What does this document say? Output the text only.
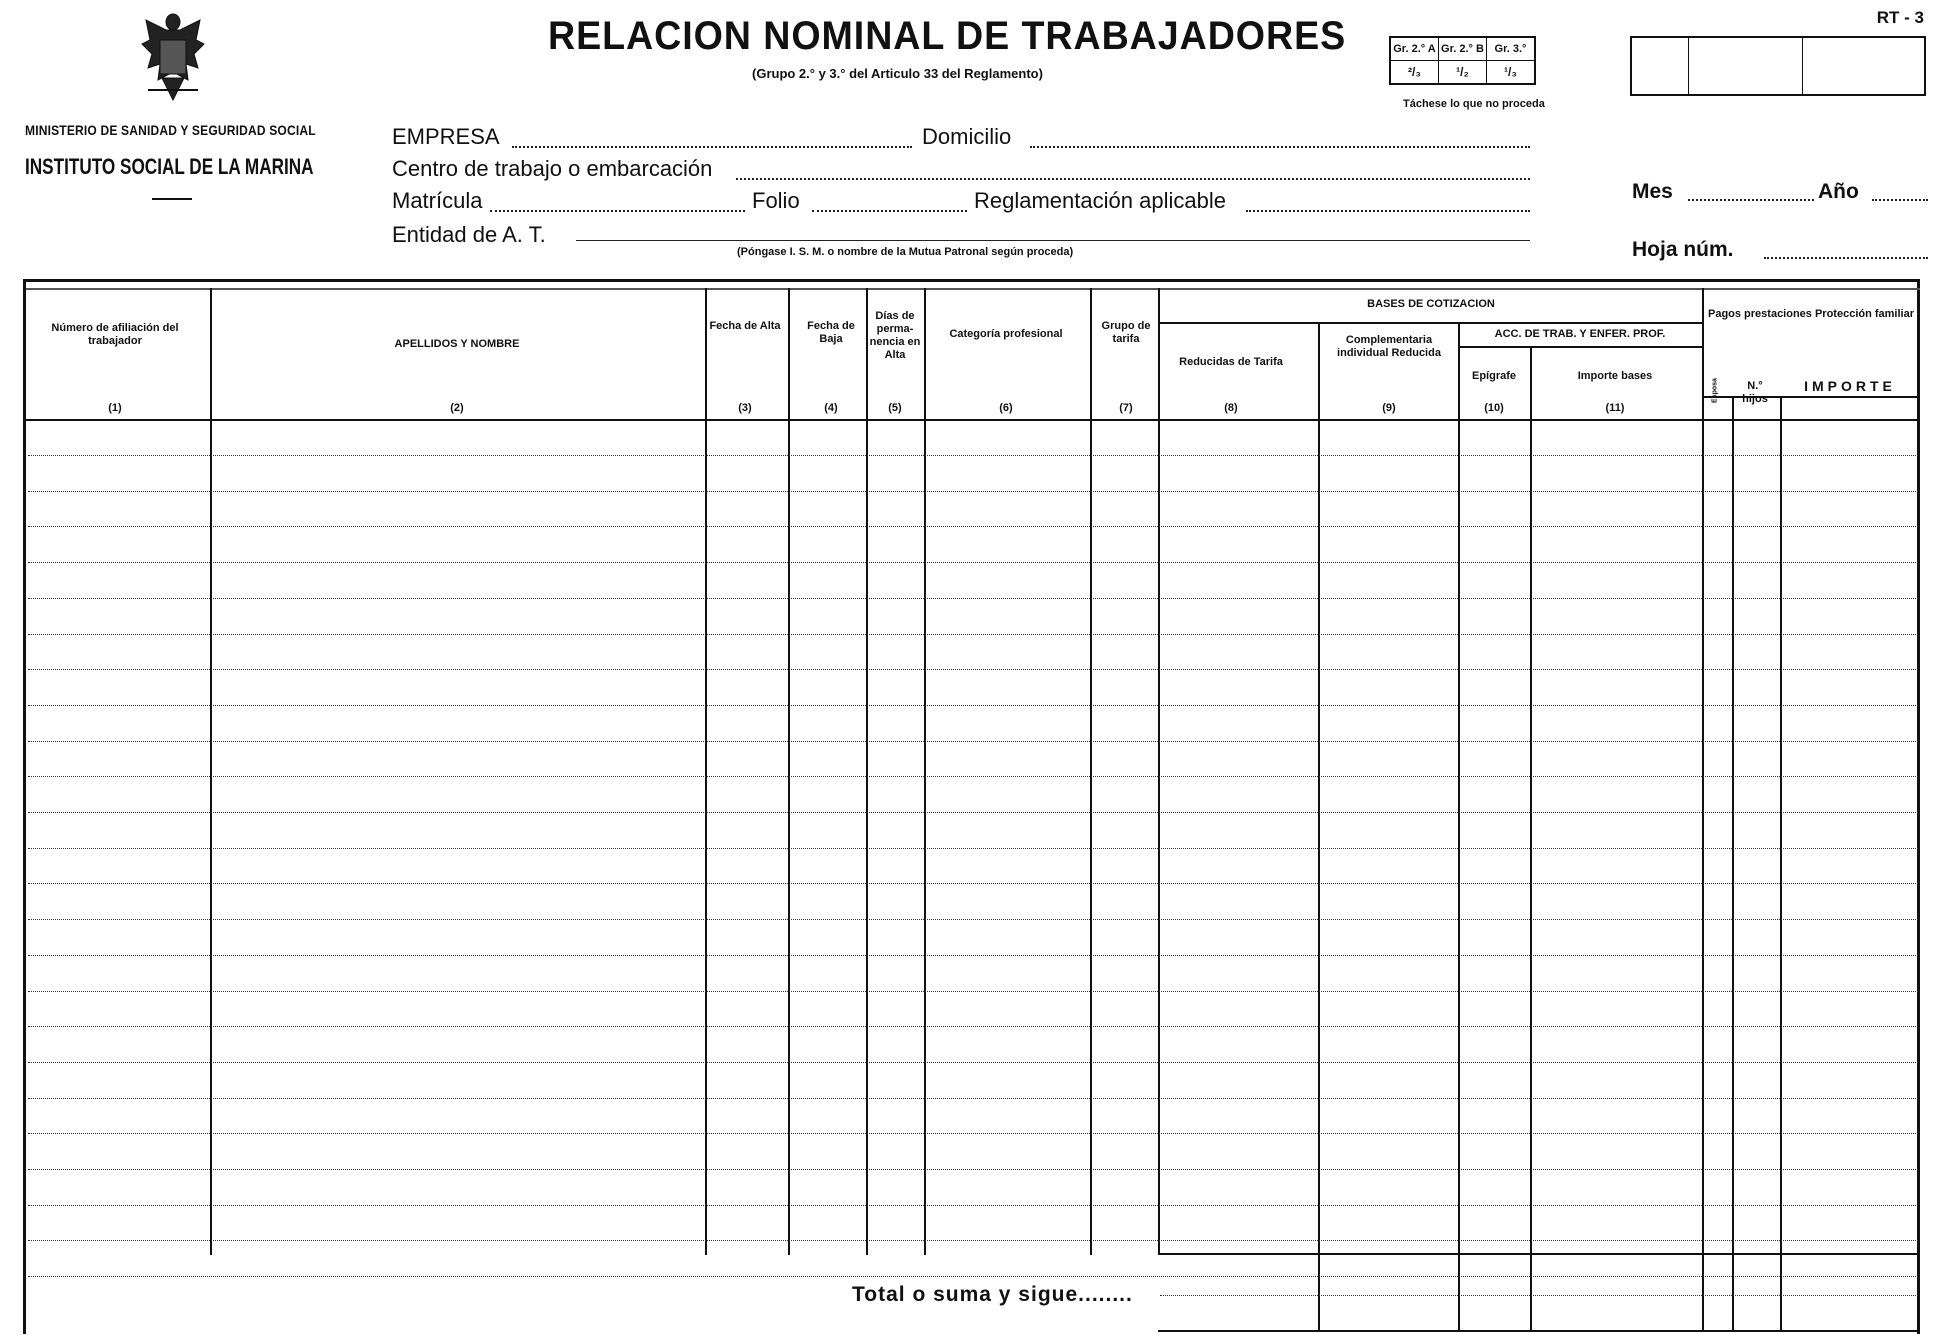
MINISTERIO DE SANIDAD Y SEGURIDAD SOCIAL
INSTITUTO SOCIAL DE LA MARINA
RELACION NOMINAL DE TRABAJADORES
(Grupo 2.° y 3.° del Articulo 33 del Reglamento)
Gr. 2.° A	Gr. 2.° B	Gr. 3.°
²/₃	¹/₂	¹/₃
Táchese lo que no proceda
RT - 3
EMPRESA	Domicilio
Centro de trabajo o embarcación
Matrícula	Folio	Reglamentación aplicable
Entidad de A. T.
(Póngase I. S. M. o nombre de la Mutua Patronal según proceda)
Mes	Año
Hoja núm.
BASES DE COTIZACION
ACC. DE TRAB. Y ENFER. PROF.
Pagos prestaciones Protección familiar
Número de afiliación del trabajador
(1)
APELLIDOS Y NOMBRE
(2)
Fecha de Alta
(3)
Fecha de Baja
(4)
Días de perma- nencia en Alta
(5)
Categoría profesional
(6)
Grupo de tarifa
(7)
Reducidas de Tarifa
(8)
Complementaria individual Reducida
(9)
Epígrafe
(10)
Importe bases
(11)
Esposa	N.° hijos
IMPORTE
Total o suma y sigue........
